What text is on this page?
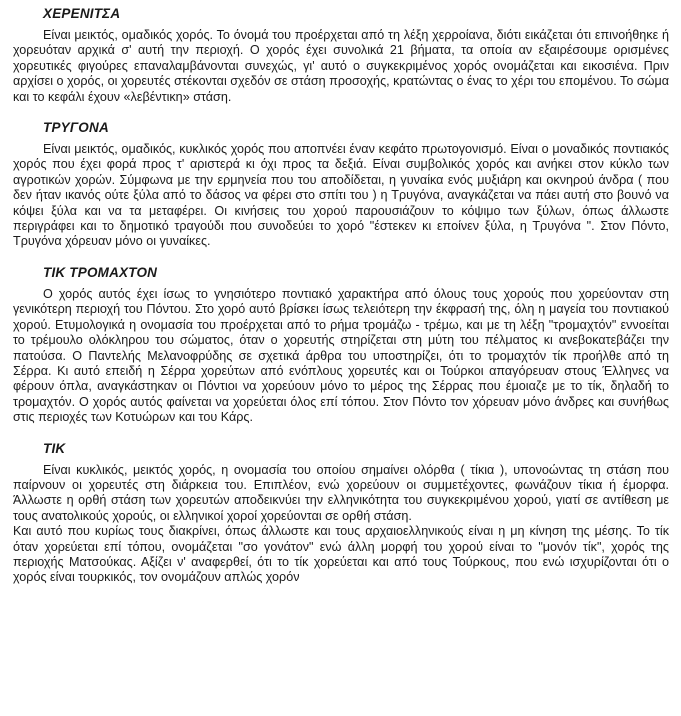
ΧΕΡΕΝΙΤΣΑ

Είναι μεικτός, ομαδικός χορός. Το όνομά του προέρχεται από τη λέξη χερροίανα, διότι εικάζεται ότι επινοήθηκε ή χορευόταν αρχικά σ' αυτή την περιοχή. Ο χορός έχει συνολικά 21 βήματα, τα οποία αν εξαιρέσουμε ορισμένες χορευτικές φιγούρες επαναλαμβάνονται συνεχώς, γι' αυτό ο συγκεκριμένος χορός ονομάζεται και εικοσιένα. Πριν αρχίσει ο χορός, οι χορευτές στέκονται σχεδόν σε στάση προσοχής, κρατώντας ο ένας το χέρι του επομένου. Το σώμα και το κεφάλι έχουν «λεβέντικη» στάση.

ΤΡΥΓΟΝΑ

Είναι μεικτός, ομαδικός, κυκλικός χορός που αποπνέει έναν κεφάτο πρωτογονισμό. Είναι ο μοναδικός ποντιακός χορός που έχει φορά προς τ' αριστερά κι όχι προς τα δεξιά. Είναι συμβολικός χορός και ανήκει στον κύκλο των αγροτικών χορών. Σύμφωνα με την ερμηνεία που του αποδίδεται, η γυναίκα ενός μυξιάρη και οκνηρού άνδρα ( που δεν ήταν ικανός ούτε ξύλα από το δάσος να φέρει στο σπίτι του ) η Τρυγόνα, αναγκάζεται να πάει αυτή στο βουνό να κόψει ξύλα και να τα μεταφέρει. Οι κινήσεις του χορού παρουσιάζουν το κόψιμο των ξύλων, όπως άλλωστε περιγράφει και το δημοτικό τραγούδι που συνοδεύει το χορό "έστεκεν κι εποίνεν ξύλα, η Τρυγόνα ". Στον Πόντο, Τρυγόνα χόρευαν μόνο οι γυναίκες.

ΤΙΚ ΤΡΟΜΑΧΤΟΝ

Ο χορός αυτός έχει ίσως το γνησιότερο ποντιακό χαρακτήρα από όλους τους χορούς που χορεύονταν στη γενικότερη περιοχή του Πόντου. Στο χορό αυτό βρίσκει ίσως τελειότερη την έκφρασή της, όλη η μαγεία του ποντιακού χορού. Ετυμολογικά η ονομασία του προέρχεται από το ρήμα τρομάζω - τρέμω, και με τη λέξη "τρομαχτόν" εννοείται το τρέμουλο ολόκληρου του σώματος, όταν ο χορευτής στηρίζεται στη μύτη του πέλματος κι ανεβοκατεβάζει την πατούσα. Ο Παντελής Μελανοφρύδης σε σχετικά άρθρα του υποστηρίζει, ότι το τρομαχτόν τίκ προήλθε από τη Σέρρα. Κι αυτό επειδή η Σέρρα χορεύτων από ενόπλους χορευτές και οι Τούρκοι απαγόρευαν στους Έλληνες να φέρουν όπλα, αναγκάστηκαν οι Πόντιοι να χορεύουν μόνο το μέρος της Σέρρας που έμοιαζε με το τίκ, δηλαδή το τρομαχτόν. Ο χορός αυτός φαίνεται να χορεύεται όλος επί τόπου. Στον Πόντο τον χόρευαν μόνο άνδρες και συνήθως στις περιοχές των Κοτυώρων και του Κάρς.

ΤΙΚ

Είναι κυκλικός, μεικτός χορός, η ονομασία του οποίου σημαίνει ολόρθα ( τίκια ), υπονοώντας τη στάση που παίρνουν οι χορευτές στη διάρκεια του. Επιπλέον, ενώ χορεύουν οι συμμετέχοντες, φωνάζουν τίκια ή έμορφα. Άλλωστε η ορθή στάση των χορευτών αποδεικνύει την ελληνικότητα του συγκεκριμένου χορού, γιατί σε αντίθεση με τους ανατολικούς χορούς, οι ελληνικοί χοροί χορεύονται σε ορθή στάση.

Και αυτό που κυρίως τους διακρίνει, όπως άλλωστε και τους αρχαιοελληνικούς είναι η μη κίνηση της μέσης. Το τίκ όταν χορεύεται επί τόπου, ονομάζεται "σο γονάτον" ενώ άλλη μορφή του χορού είναι το "μονόν τίκ", χορός της περιοχής Ματσούκας. Αξίζει ν' αναφερθεί, ότι το τίκ χορεύεται και από τους Τούρκους, που ενώ ισχυρίζονται ότι ο χορός είναι τουρκικός, τον ονομάζουν απλώς χορόν
